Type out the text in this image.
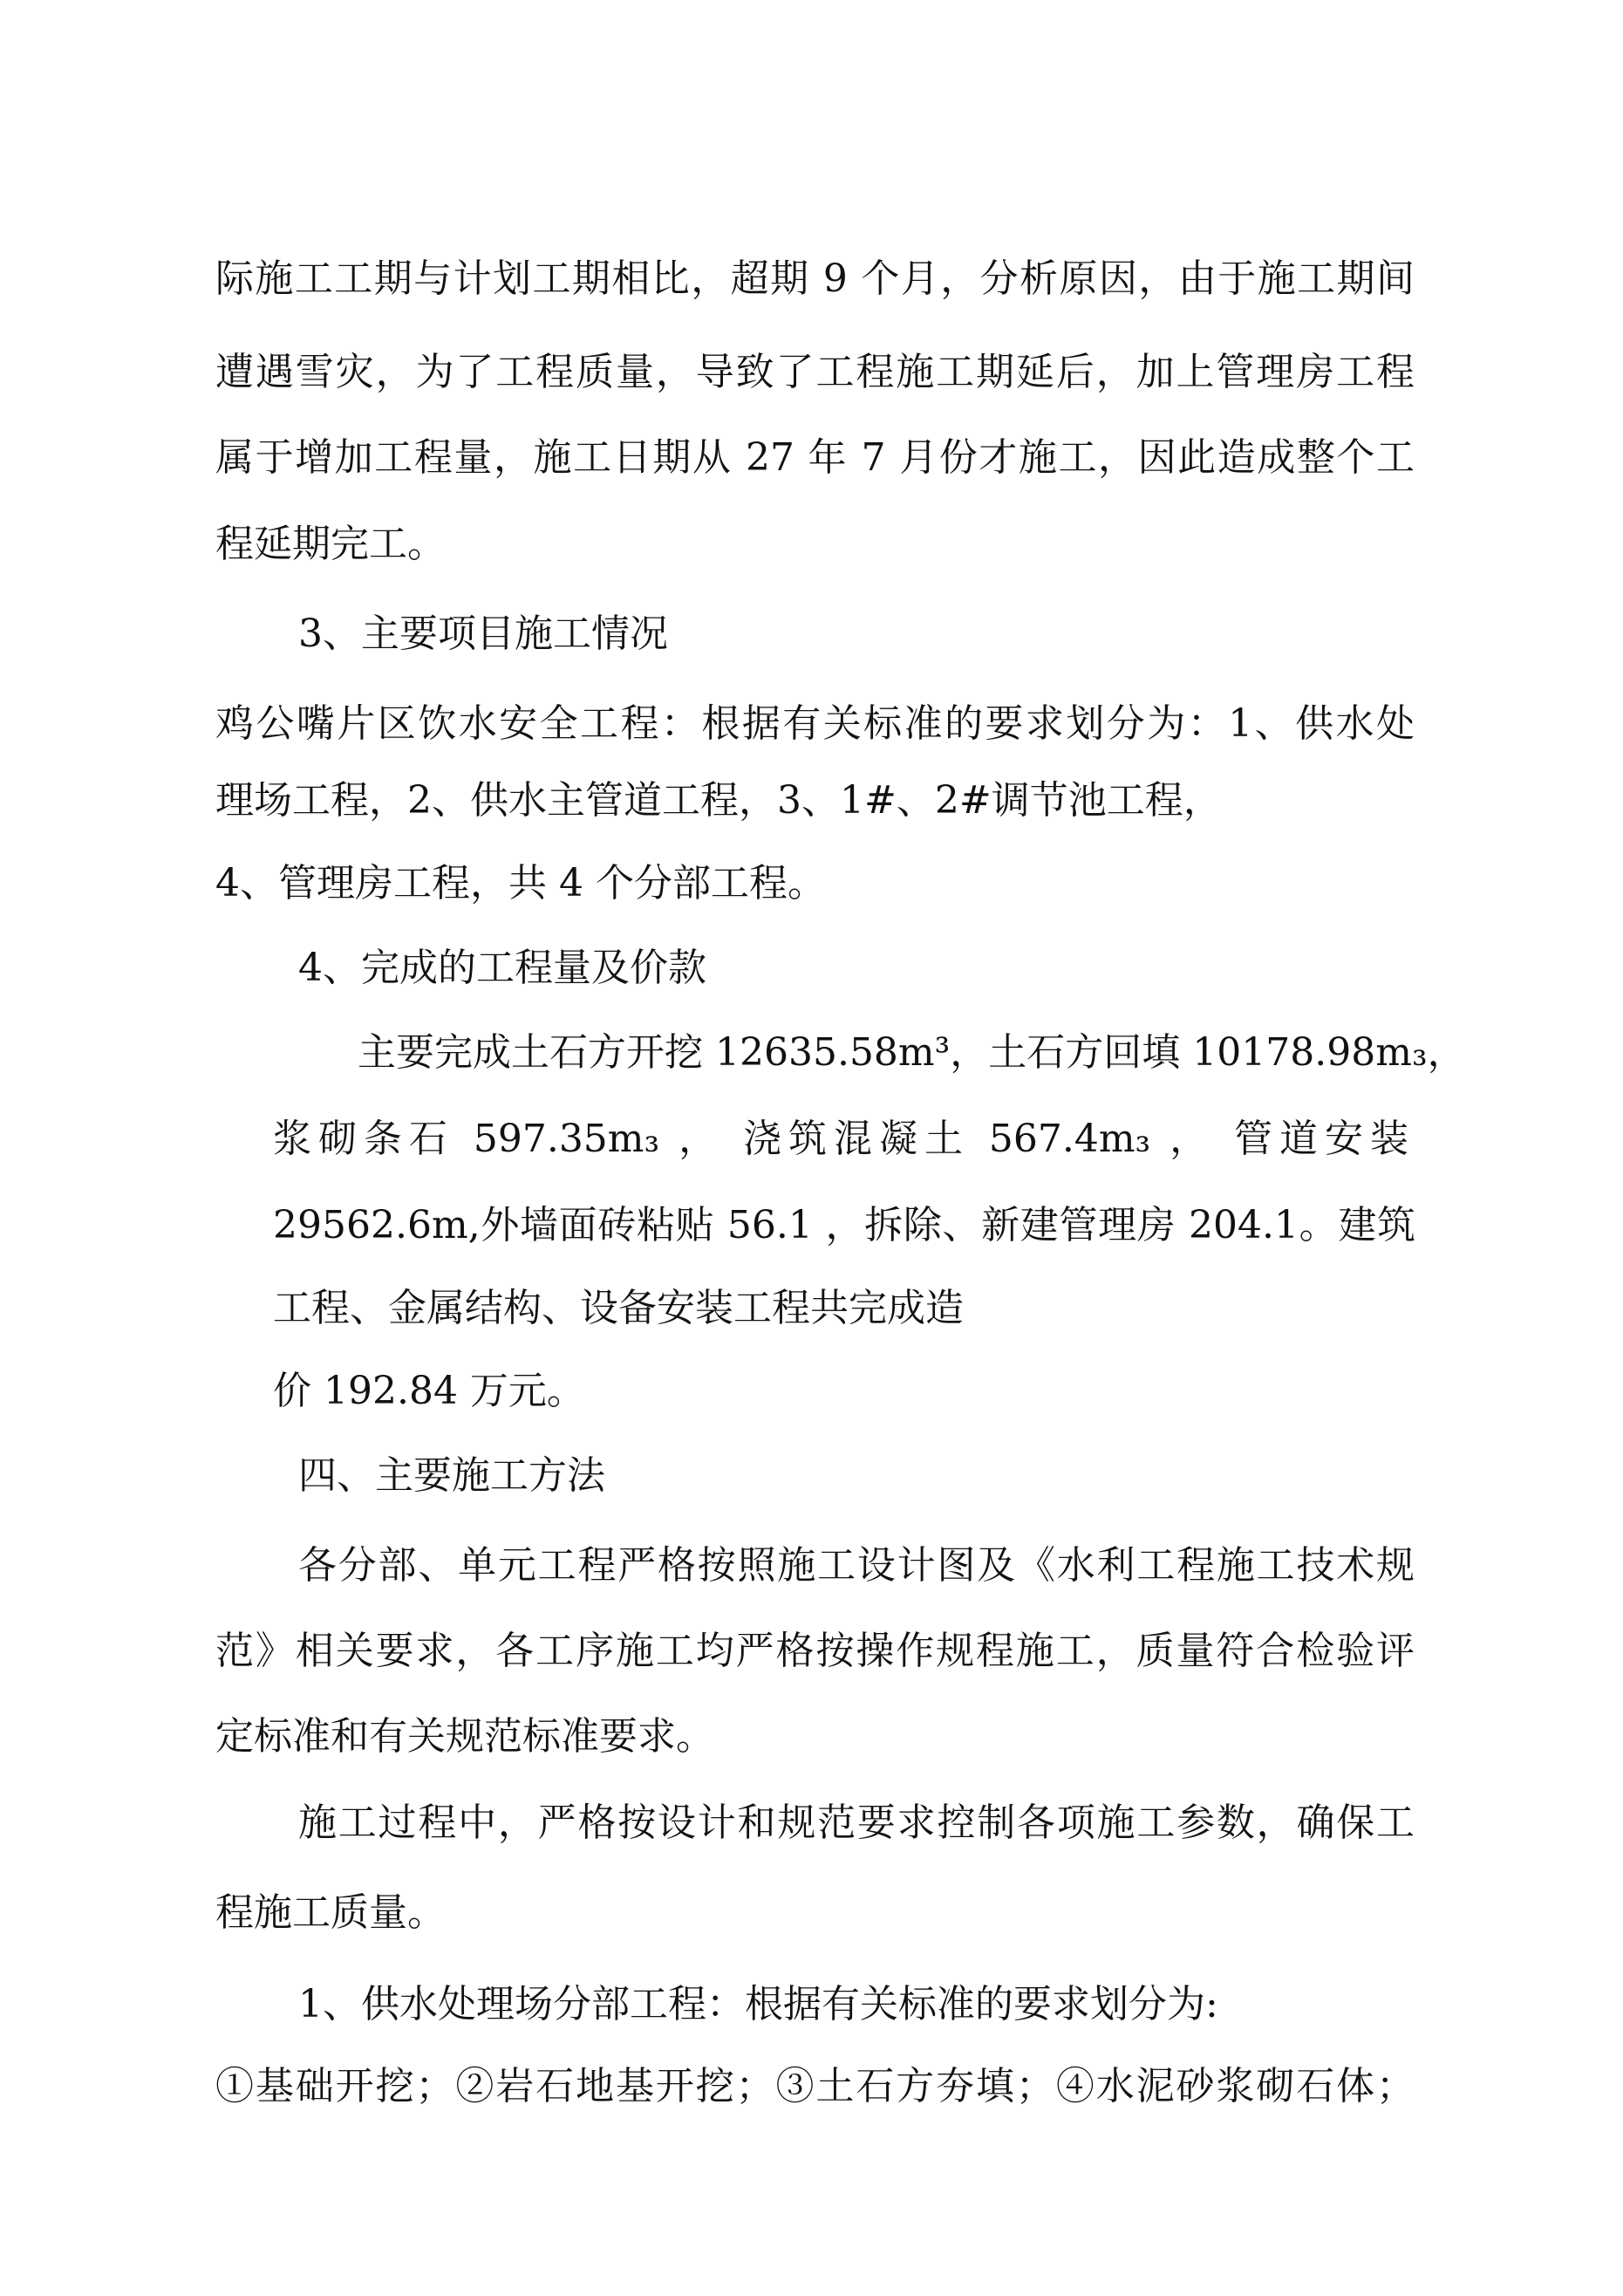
际施工工期与计划工期相比，超期 9 个月，分析原因，由于施工期间
遭遇雪灾，为了工程质量，导致了工程施工期延后，加上管理房工程
属于增加工程量，施工日期从 27 年 7 月份才施工，因此造成整个工
程延期完工。
3、主要项目施工情况
鸡公嘴片区饮水安全工程：根据有关标准的要求划分为：1、供水处
理场工程，2、供水主管道工程，3、1#、2#调节池工程，
4、管理房工程，共 4 个分部工程。
4、完成的工程量及价款
主要完成土石方开挖 12635.58m³，土石方回填 10178.98m₃，
浆砌条石 597.35m₃ ， 浇筑混凝土 567.4m₃ ， 管道安装
29562.6m,外墙面砖粘贴 56.1 ，拆除、新建管理房 204.1。建筑
工程、金属结构、设备安装工程共完成造
价 192.84 万元。
四、主要施工方法
各分部、单元工程严格按照施工设计图及《水利工程施工技术规
范》相关要求，各工序施工均严格按操作规程施工，质量符合检验评
定标准和有关规范标准要求。
施工过程中，严格按设计和规范要求控制各项施工参数，确保工
程施工质量。
1、供水处理场分部工程：根据有关标准的要求划分为:
①基础开挖；②岩石地基开挖；③土石方夯填；④水泥砂浆砌石体；
